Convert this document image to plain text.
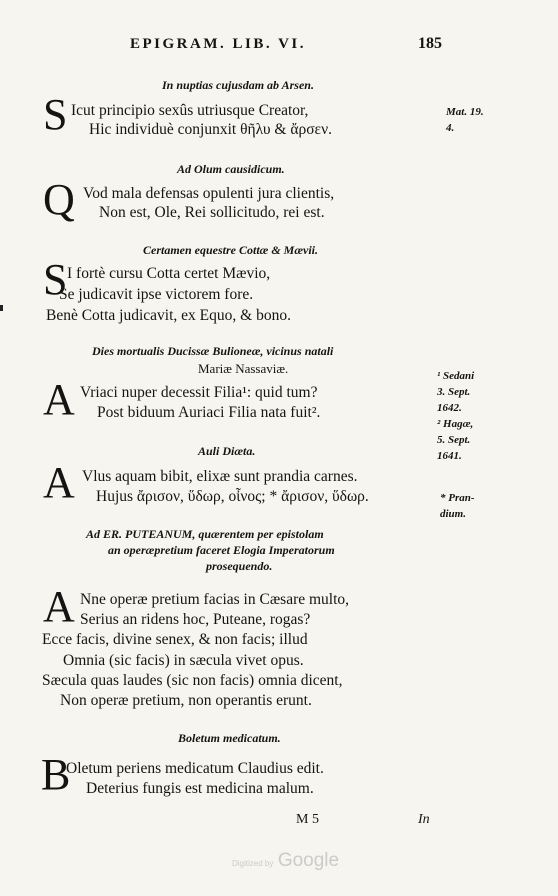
EPIGRAM. LIB. VI.	185
In nuptias cujusdam ab Arsen.
S Icut principio sexûs utriusque Creator,
Hic individuè conjunxit θῆλυ & ἄρσεν.
Ad Olum causidicum.
Q Vod mala defensas opulenti jura clientis,
Non est, Ole, Rei sollicitudo, rei est.
Certamen equestre Cottæ & Mævii.
S I fortè cursu Cotta certet Mævio,
Se judicavit ipse victorem fore.
Benè Cotta judicavit, ex Equo, & bono.
Dies mortualis Ducissæ Bulioneæ, vicinus natali
Mariæ Nassaviæ.
A Vriaci nuper decessit Filia¹: quid tum?
Post biduum Auriaci Filia nata fuit².
Auli Diæta.
A Vlus aquam bibit, elixæ sunt prandia carnes.
Hujus ἄρισον, ὕδωρ, οἶνος; * ἄρισον, ὕδωρ.
Ad ER. PUTEANUM, quærentem per epistolam
an operæpretium faceret Elogia Imperatorum
prosequendo.
A Nne operæ pretium facias in Cæsare multo,
Serius an ridens hoc, Puteane, rogas?
Ecce facis, divine senex, & non facis; illud
Omnia (sic facis) in sæcula vivet opus.
Sæcula quas laudes (sic non facis) omnia dicent,
Non operæ pretium, non operantis erunt.
Boletum medicatum.
B
Oletum periens medicatum Claudius edit.
Deterius fungis est medicina malum.
Mat. 19.
4.
¹ Sedani
3. Sept.
1642.
² Hagæ,
5. Sept.
1641.
* Pran-
dium.
M 5	In
Digitized by Google
